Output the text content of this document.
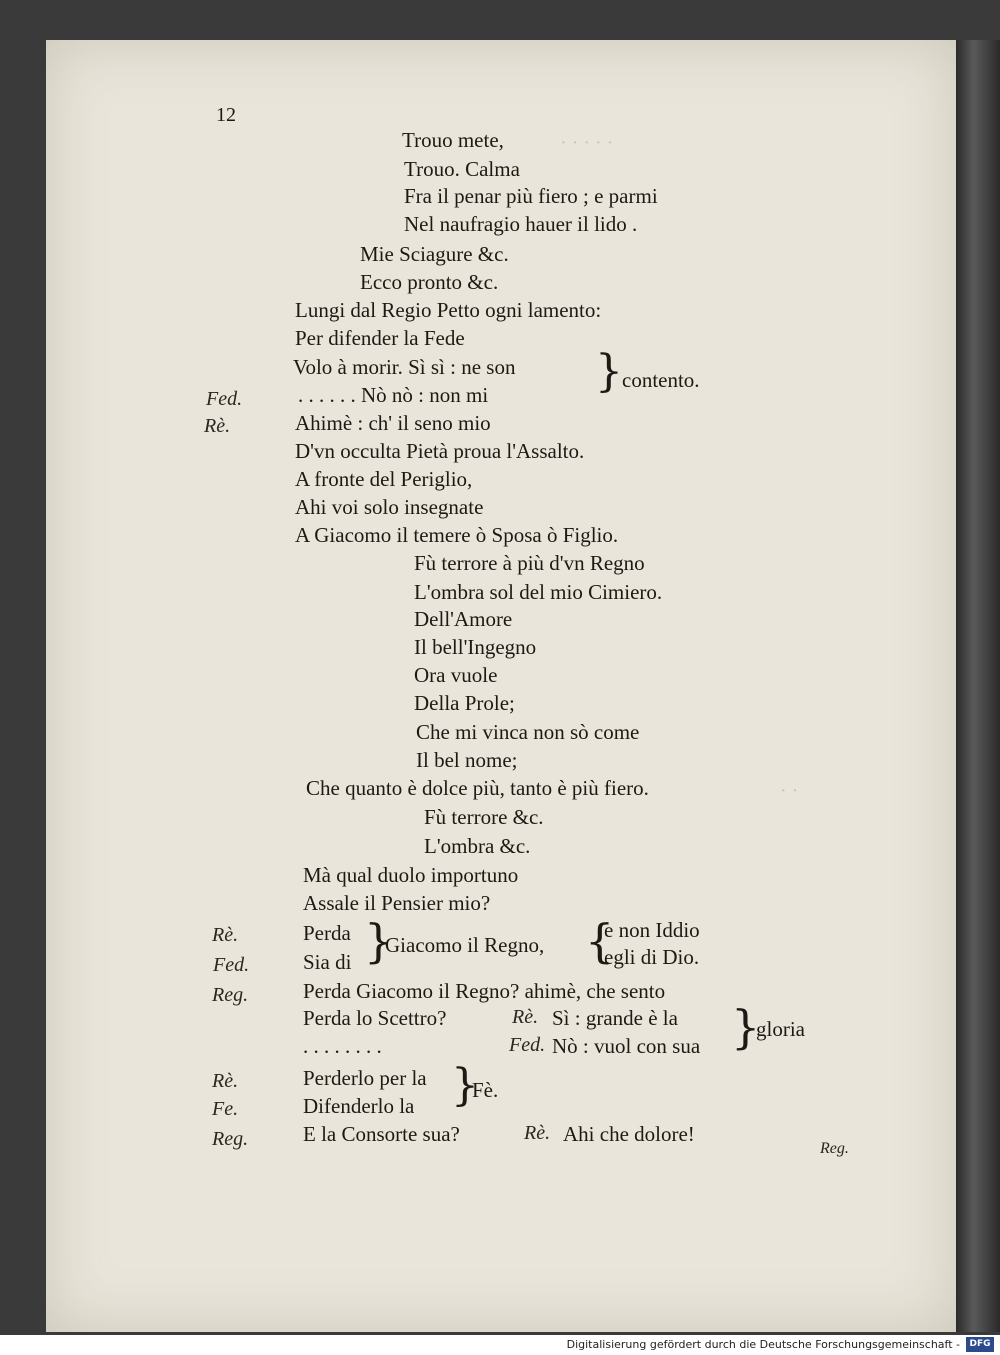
12
Trouo mete,
Trouo. Calma
Fra il penar più fiero ; e parmi
Nel naufragio hauer il lido .
Mie Sciagure &c.
Ecco pronto &c.
Lungi dal Regio Petto ogni lamento:
Per difender la Fede
Volo à morir. Sì sì : ne son
Fed.	. . . . . . Nò nò : non mi } contento.
Rè.	Ahimè : ch' il seno mio
D'vn occulta Pietà proua l'Assalto.
A fronte del Periglio,
Ahi voi solo insegnate
A Giacomo il temere ò Sposa ò Figlio.
Fù terrore à più d'vn Regno
L'ombra sol del mio Cimiero.
Dell'Amore
Il bell'Ingegno
Ora vuole
Della Prole;
Che mi vinca non sò come
Il bel nome;
Che quanto è dolce più, tanto è più fiero.
Fù terrore &c.
L'ombra &c.
Mà qual duolo importuno
Assale il Pensier mio?
Rè.	Perda
Fed.	Sia di }
Giacomo il Regno, {
e non Iddio
egli di Dio.
Reg.	Perda Giacomo il Regno? ahimè, che sento
Perda lo Scettro?	Rè. Sì : grande è la
. . . . . . . .	Fed. Nò : vuol con sua }
gloria
Rè.	Perderlo per la
Fe.	Difenderlo la }
Fè.
Reg.	E la Consorte sua?	Rè. Ahi che dolore!
Reg.
· · · · ·
· ·
Digitalisierung gefördert durch die Deutsche Forschungsgemeinschaft -	DFG
